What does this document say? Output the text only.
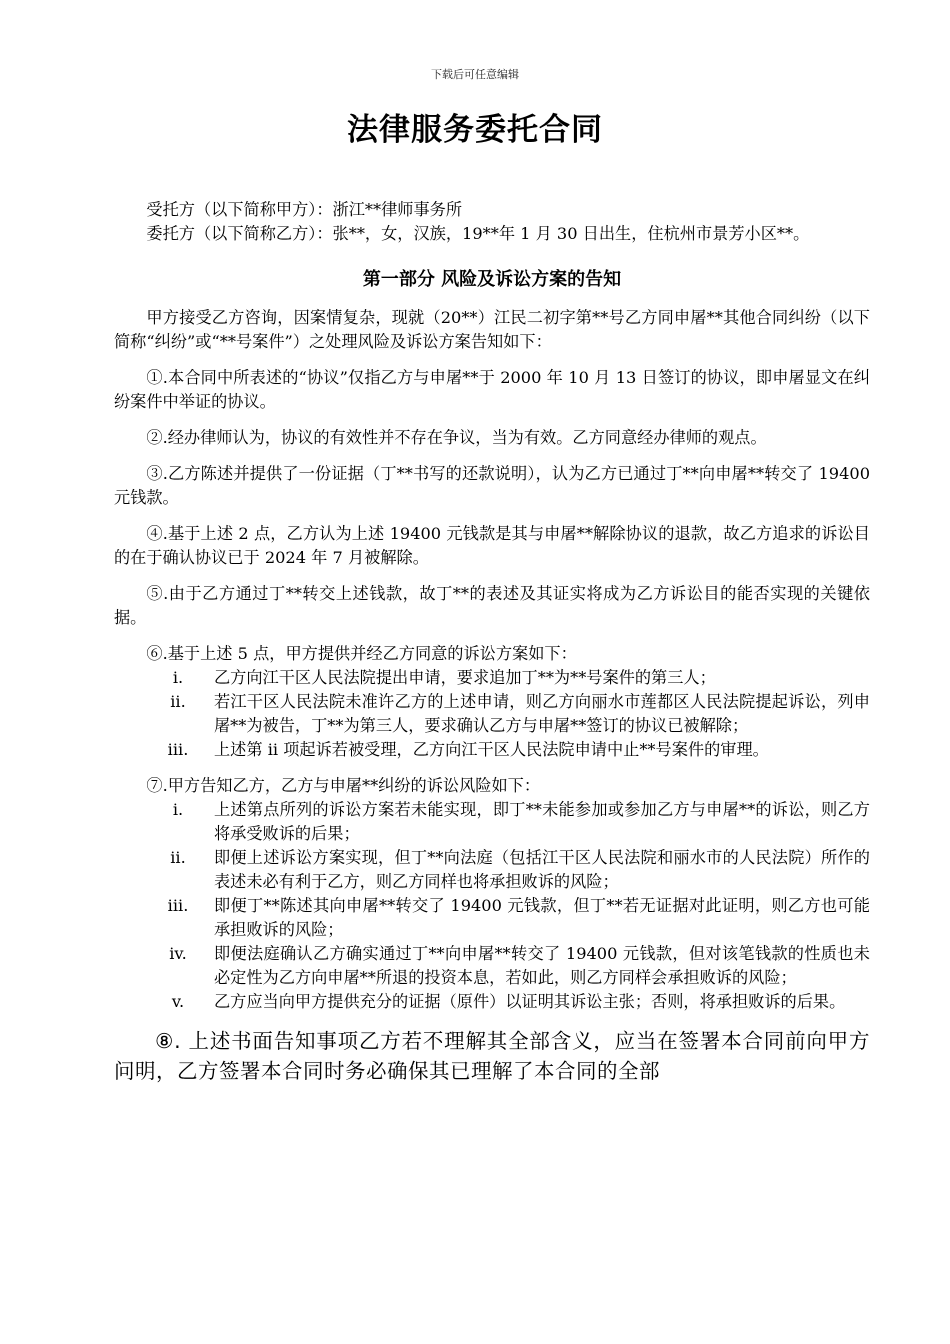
下载后可任意编辑
法律服务委托合同

受托方（以下简称甲方）：浙江**律师事务所

委托方（以下简称乙方）：张**，女，汉族，19**年 1 月 30 日出生，住杭州市景芳小区**。

第一部分 风险及诉讼方案的告知

甲方接受乙方咨询，因案情复杂，现就（20**）江民二初字第**号乙方同申屠**其他合同纠纷（以下简称“纠纷”或“**号案件”）之处理风险及诉讼方案告知如下：

①.本合同中所表述的“协议”仅指乙方与申屠**于 2000 年 10 月 13 日签订的协议，即申屠显文在纠纷案件中举证的协议。

②.经办律师认为，协议的有效性并不存在争议，当为有效。乙方同意经办律师的观点。

③.乙方陈述并提供了一份证据（丁**书写的还款说明），认为乙方已通过丁**向申屠**转交了 19400 元钱款。

④.基于上述 2 点，乙方认为上述 19400 元钱款是其与申屠**解除协议的退款，故乙方追求的诉讼目的在于确认协议已于 2024 年 7 月被解除。

⑤.由于乙方通过丁**转交上述钱款，故丁**的表述及其证实将成为乙方诉讼目的能否实现的关键依据。

⑥.基于上述 5 点，甲方提供并经乙方同意的诉讼方案如下：

i.	乙方向江干区人民法院提出申请，要求追加丁**为**号案件的第三人；
ii.	若江干区人民法院未准许乙方的上述申请，则乙方向丽水市莲都区人民法院提起诉讼，列申屠**为被告，丁**为第三人，要求确认乙方与申屠**签订的协议已被解除；
iii.	上述第 ii 项起诉若被受理，乙方向江干区人民法院申请中止**号案件的审理。

⑦.甲方告知乙方，乙方与申屠**纠纷的诉讼风险如下：

i.	上述第点所列的诉讼方案若未能实现，即丁**未能参加或参加乙方与申屠**的诉讼，则乙方将承受败诉的后果；
ii.	即便上述诉讼方案实现，但丁**向法庭（包括江干区人民法院和丽水市的人民法院）所作的表述未必有利于乙方，则乙方同样也将承担败诉的风险；
iii.	即便丁**陈述其向申屠**转交了 19400 元钱款，但丁**若无证据对此证明，则乙方也可能承担败诉的风险；
iv.	即便法庭确认乙方确实通过丁**向申屠**转交了 19400 元钱款，但对该笔钱款的性质也未必定性为乙方向申屠**所退的投资本息，若如此，则乙方同样会承担败诉的风险；
v.	乙方应当向甲方提供充分的证据（原件）以证明其诉讼主张；否则，将承担败诉的后果。

⑧. 上述书面告知事项乙方若不理解其全部含义，应当在签署本合同前向甲方问明，乙方签署本合同时务必确保其已理解了本合同的全部
